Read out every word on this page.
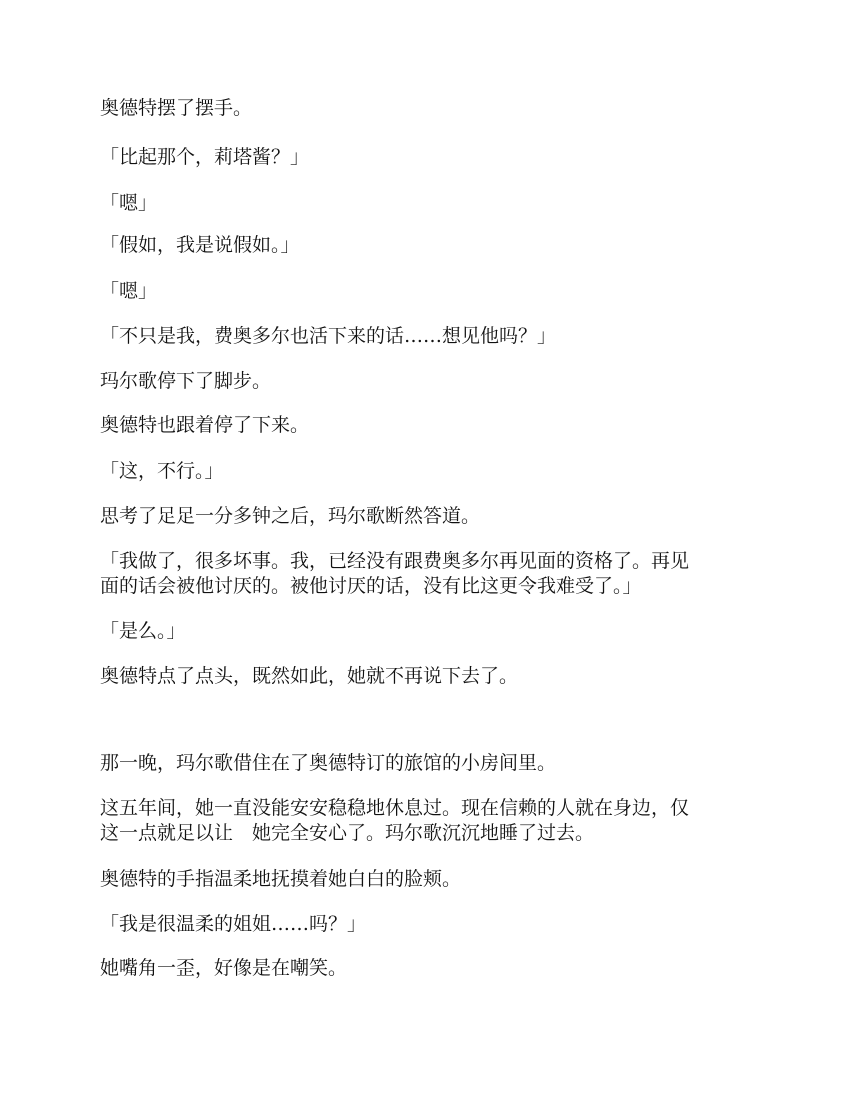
奥德特摆了摆手。

「比起那个，莉塔酱？」

「嗯」

「假如，我是说假如。」

「嗯」

「不只是我，费奥多尔也活下来的话……想见他吗？」

玛尔歌停下了脚步。

奥德特也跟着停了下来。

「这，不行。」

思考了足足一分多钟之后，玛尔歌断然答道。

「我做了，很多坏事。我，已经没有跟费奥多尔再见面的资格了。再见
面的话会被他讨厌的。被他讨厌的话，没有比这更令我难受了。」

「是么。」

奥德特点了点头，既然如此，她就不再说下去了。

那一晚，玛尔歌借住在了奥德特订的旅馆的小房间里。

这五年间，她一直没能安安稳稳地休息过。现在信赖的人就在身边，仅
这一点就足以让　她完全安心了。玛尔歌沉沉地睡了过去。

奥德特的手指温柔地抚摸着她白白的脸颊。

「我是很温柔的姐姐……吗？」

她嘴角一歪，好像是在嘲笑。
